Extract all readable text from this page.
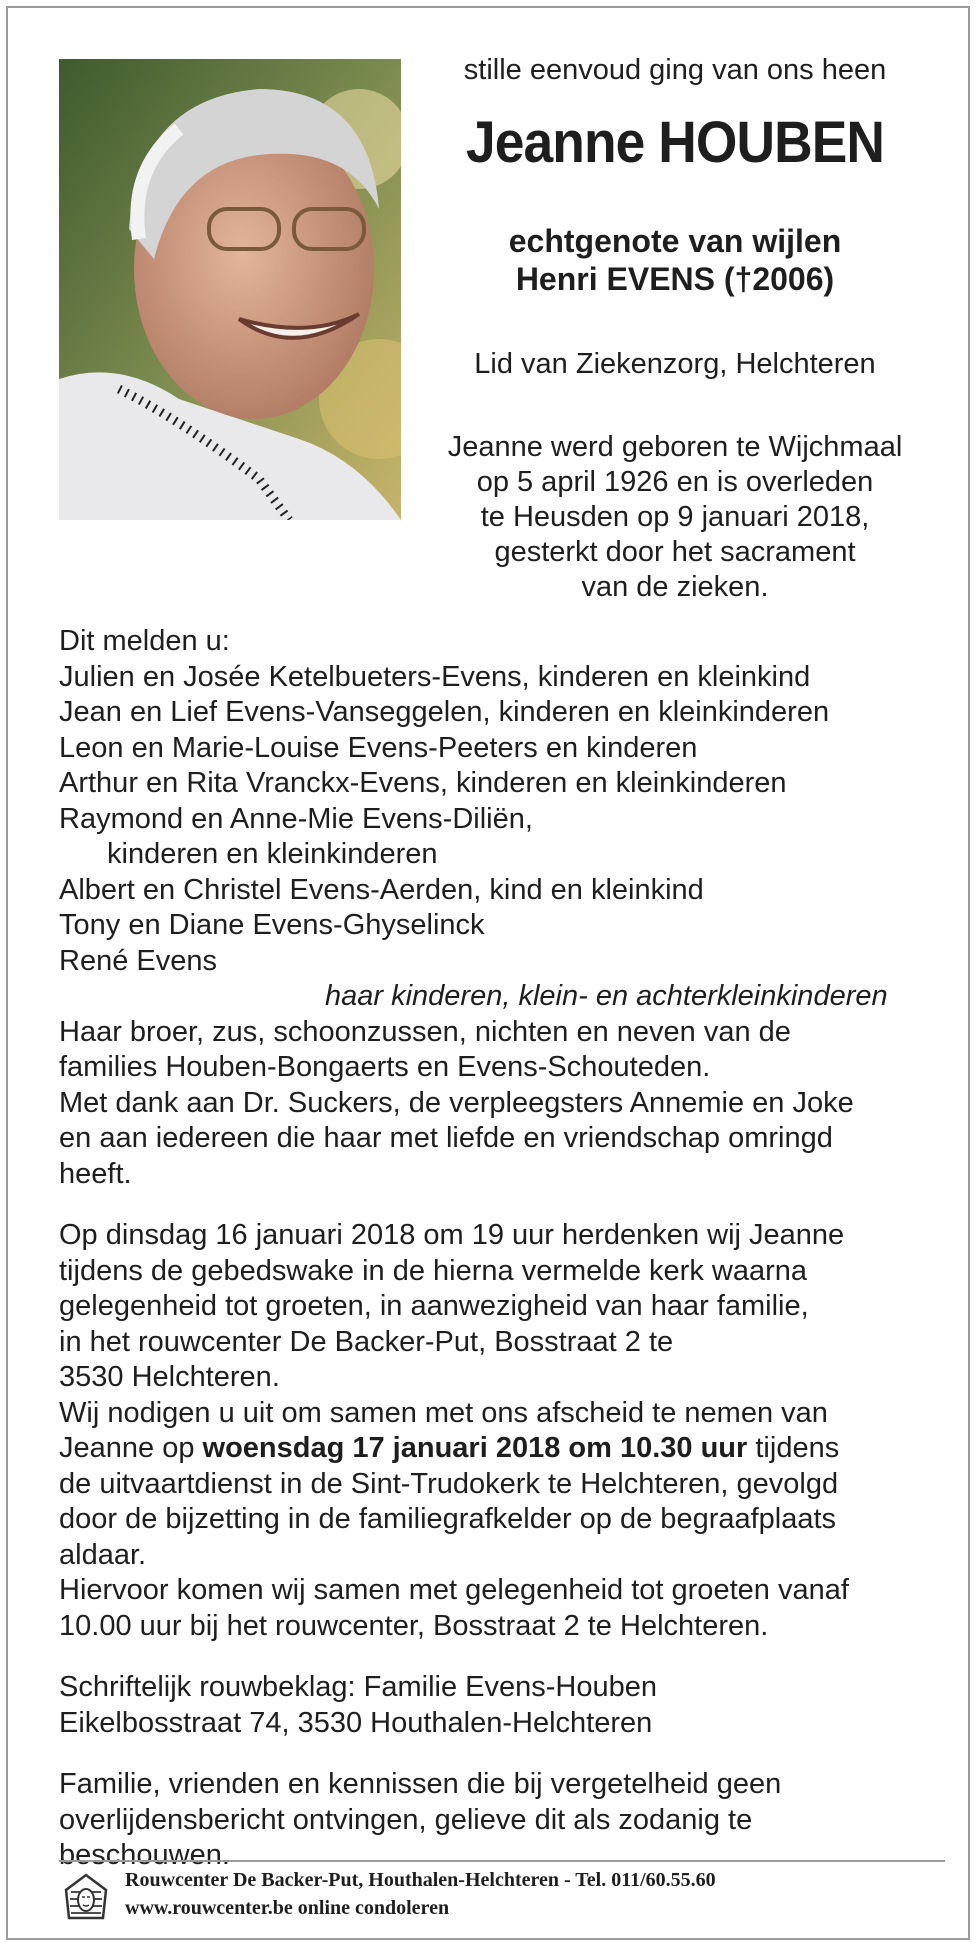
stille eenvoud ging van ons heen

Jeanne HOUBEN

echtgenote van wijlen
Henri EVENS (†2006)

Lid van Ziekenzorg, Helchteren

Jeanne werd geboren te Wijchmaal
op 5 april 1926 en is overleden
te Heusden op 9 januari 2018,
gesterkt door het sacrament
van de zieken.

Dit melden u:

Julien en Josée Ketelbueters-Evens, kinderen en kleinkind

Jean en Lief Evens-Vanseggelen, kinderen en kleinkinderen

Leon en Marie-Louise Evens-Peeters en kinderen

Arthur en Rita Vranckx-Evens, kinderen en kleinkinderen

Raymond en Anne-Mie Evens-Diliën,

kinderen en kleinkinderen

Albert en Christel Evens-Aerden, kind en kleinkind

Tony en Diane Evens-Ghyselinck

René Evens

haar kinderen, klein- en achterkleinkinderen

Haar broer, zus, schoonzussen, nichten en neven van de

families Houben-Bongaerts en Evens-Schouteden.

Met dank aan Dr. Suckers, de verpleegsters Annemie en Joke

en aan iedereen die haar met liefde en vriendschap omringd

heeft.

Op dinsdag 16 januari 2018 om 19 uur herdenken wij Jeanne

tijdens de gebedswake in de hierna vermelde kerk waarna

gelegenheid tot groeten, in aanwezigheid van haar familie,

in het rouwcenter De Backer-Put, Bosstraat 2 te

3530 Helchteren.

Wij nodigen u uit om samen met ons afscheid te nemen van

Jeanne op woensdag 17 januari 2018 om 10.30 uur tijdens

de uitvaartdienst in de Sint-Trudokerk te Helchteren, gevolgd

door de bijzetting in de familiegrafkelder op de begraafplaats

aldaar.

Hiervoor komen wij samen met gelegenheid tot groeten vanaf

10.00 uur bij het rouwcenter, Bosstraat 2 te Helchteren.

Schriftelijk rouwbeklag: Familie Evens-Houben

Eikelbosstraat 74, 3530 Houthalen-Helchteren

Familie, vrienden en kennissen die bij vergetelheid geen

overlijdensbericht ontvingen, gelieve dit als zodanig te

beschouwen.

Rouwcenter De Backer-Put, Houthalen-Helchteren - Tel. 011/60.55.60
www.rouwcenter.be online condoleren
